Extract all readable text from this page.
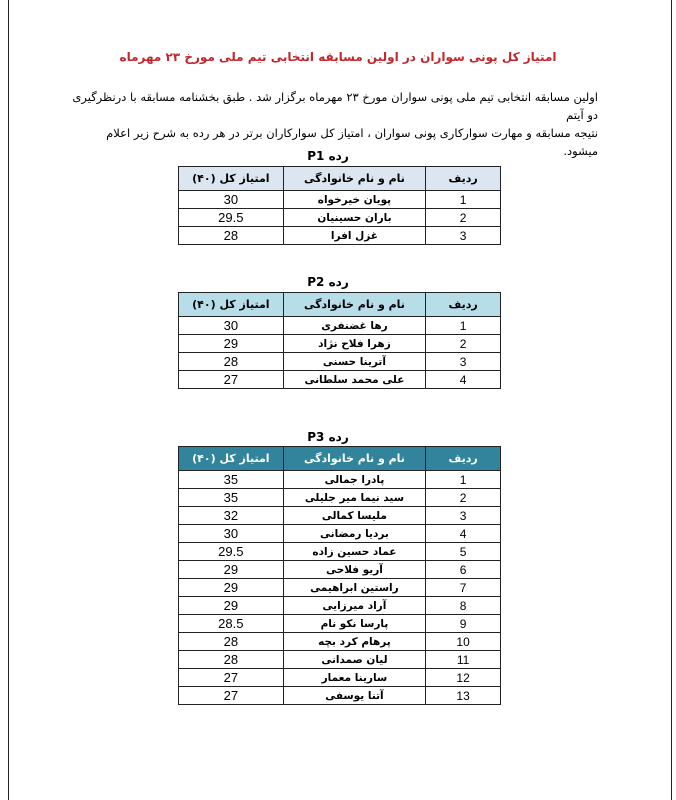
امتیاز کل پونی سواران در اولین مسابقه انتخابی تیم ملی مورخ ۲۳ مهرماه

اولین مسابقه انتخابی تیم ملی پونی سواران مورخ ۲۳ مهرماه برگزار شد . طبق بخشنامه مسابقه با درنظرگیری دو آیتم

نتیجه مسابقه و مهارت سوارکاری پونی سواران ، امتیاز کل سوارکاران برتر در هر رده به شرح زیر اعلام میشود.

رده P1
ردیف	نام و نام خانوادگی	امتیاز کل (۴۰)
1	پویان خیرخواه	30
2	باران حسینیان	29.5
3	غزل افرا	28
رده P2
ردیف	نام و نام خانوادگی	امتیاز کل (۴۰)
1	رها غضنفری	30
2	زهرا فلاح نژاد	29
3	آترینا حسنی	28
4	علی محمد سلطانی	27
رده P3
ردیف	نام و نام خانوادگی	امتیاز کل (۴۰)
1	پادرا جمالی	35
2	سید نیما میر جلیلی	35
3	ملیسا کمالی	32
4	بردیا رمضانی	30
5	عماد حسین زاده	29.5
6	آریو فلاحی	29
7	راستین ابراهیمی	29
8	آراد میرزایی	29
9	پارسا نکو نام	28.5
10	پرهام کرد بچه	28
11	لیان صمدانی	28
12	سارینا معمار	27
13	آتنا یوسفی	27
